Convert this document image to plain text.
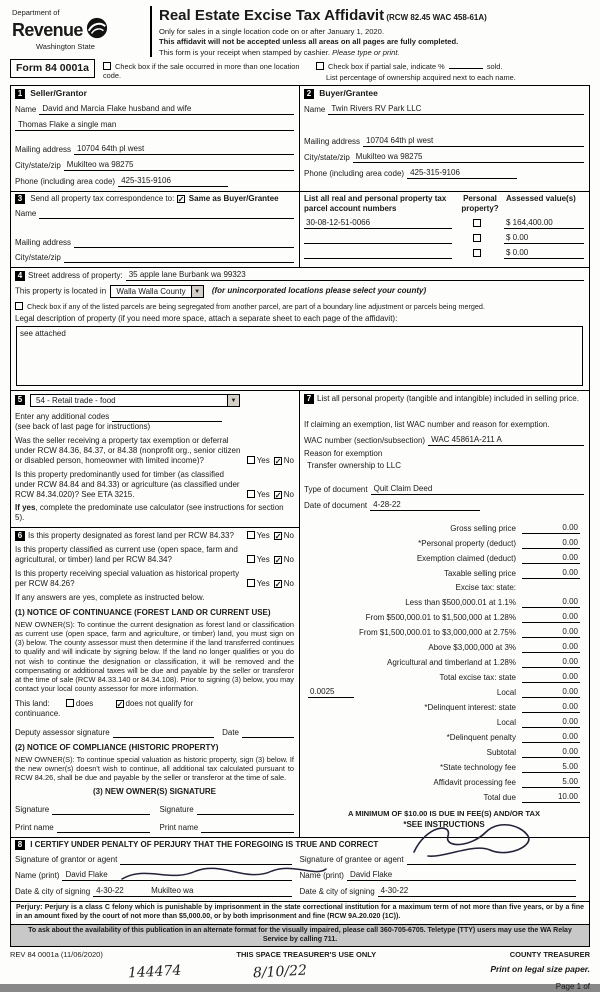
Department of
Revenue
Washington State
Real Estate Excise Tax Affidavit (RCW 82.45 WAC 458-61A)
Only for sales in a single location code on or after January 1, 2020.
This affidavit will not be accepted unless all areas on all pages are fully completed.
This form is your receipt when stamped by cashier. Please type or print.
Form 84 0001a	Check box if the sale occurred in more than one location code.
Check box if partial sale, indicate %	sold.
List percentage of ownership acquired next to each name.
1 Seller/Grantor
Name David and Marcia Flake husband and wife
Thomas Flake a single man
Mailing address 10704 64th pl west
City/state/zip Mukilteo wa 98275
Phone (including area code) 425-315-9106
2 Buyer/Grantee
Name Twin Rivers RV Park LLC
Mailing address 10704 64th pl west
City/state/zip Mukilteo wa 98275
Phone (including area code) 425-315-9106
3 Send all property tax correspondence to: ✓ Same as Buyer/Grantee
Name
Mailing address
City/state/zip
List all real and personal property tax parcel account numbers
Personal property?
Assessed value(s)
30-08-12-51-0066	$ 164,400.00
$ 0.00
$ 0.00
4 Street address of property: 35 apple lane Burbank wa 99323
This property is located in	Walla Walla County ▼	(for unincorporated locations please select your county)
Check box if any of the listed parcels are being segregated from another parcel, are part of a boundary line adjustment or parcels being merged.
Legal description of property (if you need more space, attach a separate sheet to each page of the affidavit):
see attached
5	54 - Retail trade - food
▼
Enter any additional codes
(see back of last page for instructions)
Was the seller receiving a property tax exemption or deferral under RCW 84.36, 84.37, or 84.38 (nonprofit org., senior citizen or disabled person, homeowner with limited income)?	Yes ✓ No
Is this property predominantly used for timber (as classified under RCW 84.84 and 84.33) or agriculture (as classified under RCW 84.34.020)? See ETA 3215.	Yes ✓ No
If yes, complete the predominate use calculator (see instructions for section 5).
6 Is this property designated as forest land per RCW 84.33?	Yes ✓ No
Is this property classified as current use (open space, farm and agricultural, or timber) land per RCW 84.34?	Yes ✓ No
Is this property receiving special valuation as historical property per RCW 84.26?	Yes ✓ No
If any answers are yes, complete as instructed below.
(1) NOTICE OF CONTINUANCE (FOREST LAND OR CURRENT USE)
NEW OWNER(S): To continue the current designation as forest land or classification as current use (open space, farm and agriculture, or timber) land, you must sign on (3) below. The county assessor must then determine if the land transferred continues to qualify and will indicate by signing below. If the land no longer qualifies or you do not wish to continue the designation or classification, it will be removed and the compensating or additional taxes will be due and payable by the seller or transferor at the time of sale (RCW 84.33.140 or 84.34.108). Prior to signing (3) below, you may contact your local county assessor for more information.
This land:	does ✓	does not qualify for
continuance.
Deputy assessor signature	Date
(2) NOTICE OF COMPLIANCE (HISTORIC PROPERTY)
NEW OWNER(S): To continue special valuation as historic property, sign (3) below. If the new owner(s) doesn't wish to continue, all additional tax calculated pursuant to RCW 84.26, shall be due and payable by the seller or transferor at the time of sale.
(3) NEW OWNER(S) SIGNATURE
Signature	Signature
Print name	Print name
7 List all personal property (tangible and intangible) included in selling price.
If claiming an exemption, list WAC number and reason for exemption.
WAC number (section/subsection) WAC 45861A-211 A
Reason for exemption
Transfer ownership to LLC
Type of document Quit Claim Deed
Date of document 4-28-22
Gross selling price	0.00
*Personal property (deduct)	0.00
Exemption claimed (deduct)	0.00
Taxable selling price	0.00
Excise tax: state:
Less than $500,000.01 at 1.1%	0.00
From $500,000.01 to $1,500,000 at 1.28%	0.00
From $1,500,000.01 to $3,000,000 at 2.75%	0.00
Above $3,000,000 at 3%	0.00
Agricultural and timberland at 1.28%	0.00
Total excise tax: state	0.00
0.0025	Local	0.00
*Delinquent interest: state	0.00
Local	0.00
*Delinquent penalty	0.00
Subtotal	0.00
*State technology fee	5.00
Affidavit processing fee	5.00
Total due	10.00
A MINIMUM OF $10.00 IS DUE IN FEE(S) AND/OR TAX
*SEE INSTRUCTIONS
8 I CERTIFY UNDER PENALTY OF PERJURY THAT THE FOREGOING IS TRUE AND CORRECT
Signature of grantor or agent
Name (print) David Flake
Date & city of signing 4-30-22	Mukilteo wa
Signature of grantee or agent
Name (print) David Flake
Date & city of signing 4-30-22
Perjury: Perjury is a class C felony which is punishable by imprisonment in the state correctional institution for a maximum term of not more than five years, or by a fine in an amount fixed by the court of not more than $5,000.00, or by both imprisonment and fine (RCW 9A.20.020 (1C)).
To ask about the availability of this publication in an alternate format for the visually impaired, please call 360-705-6705. Teletype (TTY) users may use the WA Relay Service by calling 711.
REV 84 0001a (11/06/2020)	THIS SPACE TREASURER'S USE ONLY	COUNTY TREASURER
144474	8/10/22	Print on legal size paper.
Page 1 of
